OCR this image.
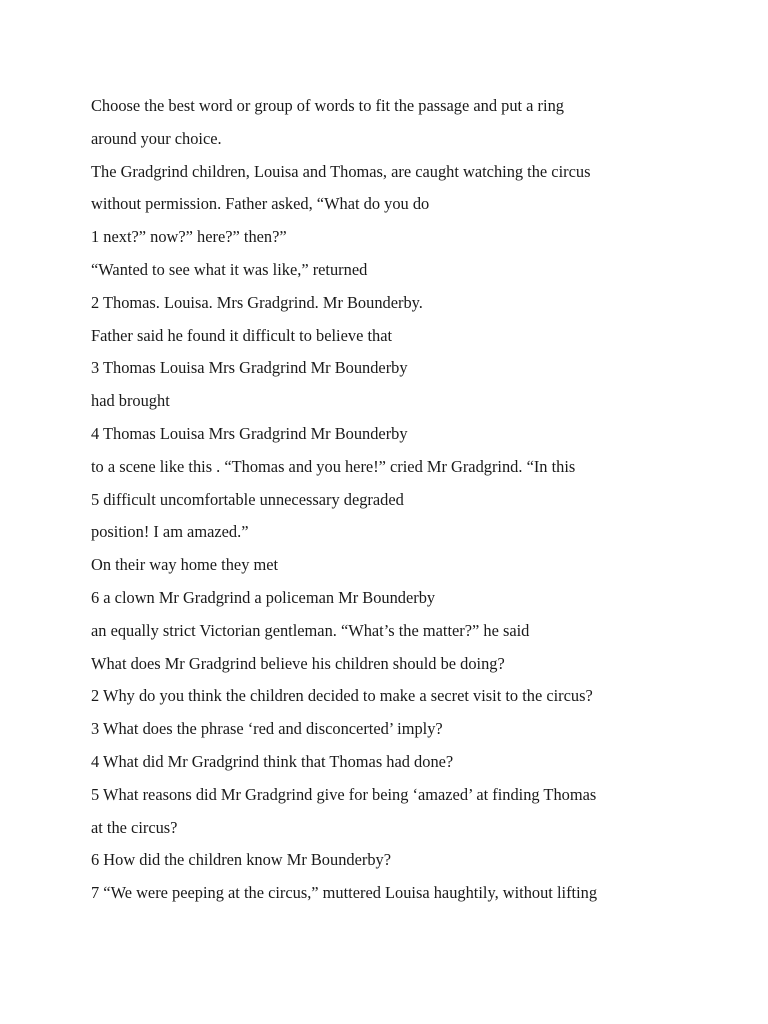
Choose the best word or group of words to fit the passage and put a ring
around your choice.
The Gradgrind children, Louisa and Thomas, are caught watching the circus
without permission. Father asked, “What do you do
1 next?” now?” here?” then?”
“Wanted to see what it was like,” returned
2 Thomas. Louisa. Mrs Gradgrind. Mr Bounderby.
Father said he found it difficult to believe that
3 Thomas Louisa Mrs Gradgrind Mr Bounderby
had brought
4 Thomas Louisa Mrs Gradgrind Mr Bounderby
to a scene like this . “Thomas and you here!” cried Mr Gradgrind. “In this
5 difficult uncomfortable unnecessary degraded
position! I am amazed.”
On their way home they met
6 a clown Mr Gradgrind a policeman Mr Bounderby
an equally strict Victorian gentleman. “What’s the matter?” he said
What does Mr Gradgrind believe his children should be doing?
2 Why do you think the children decided to make a secret visit to the circus?
3 What does the phrase ‘red and disconcerted’ imply?
4 What did Mr Gradgrind think that Thomas had done?
5 What reasons did Mr Gradgrind give for being ‘amazed’ at finding Thomas
at the circus?
6 How did the children know Mr Bounderby?
7 “We were peeping at the circus,” muttered Louisa haughtily, without lifting
